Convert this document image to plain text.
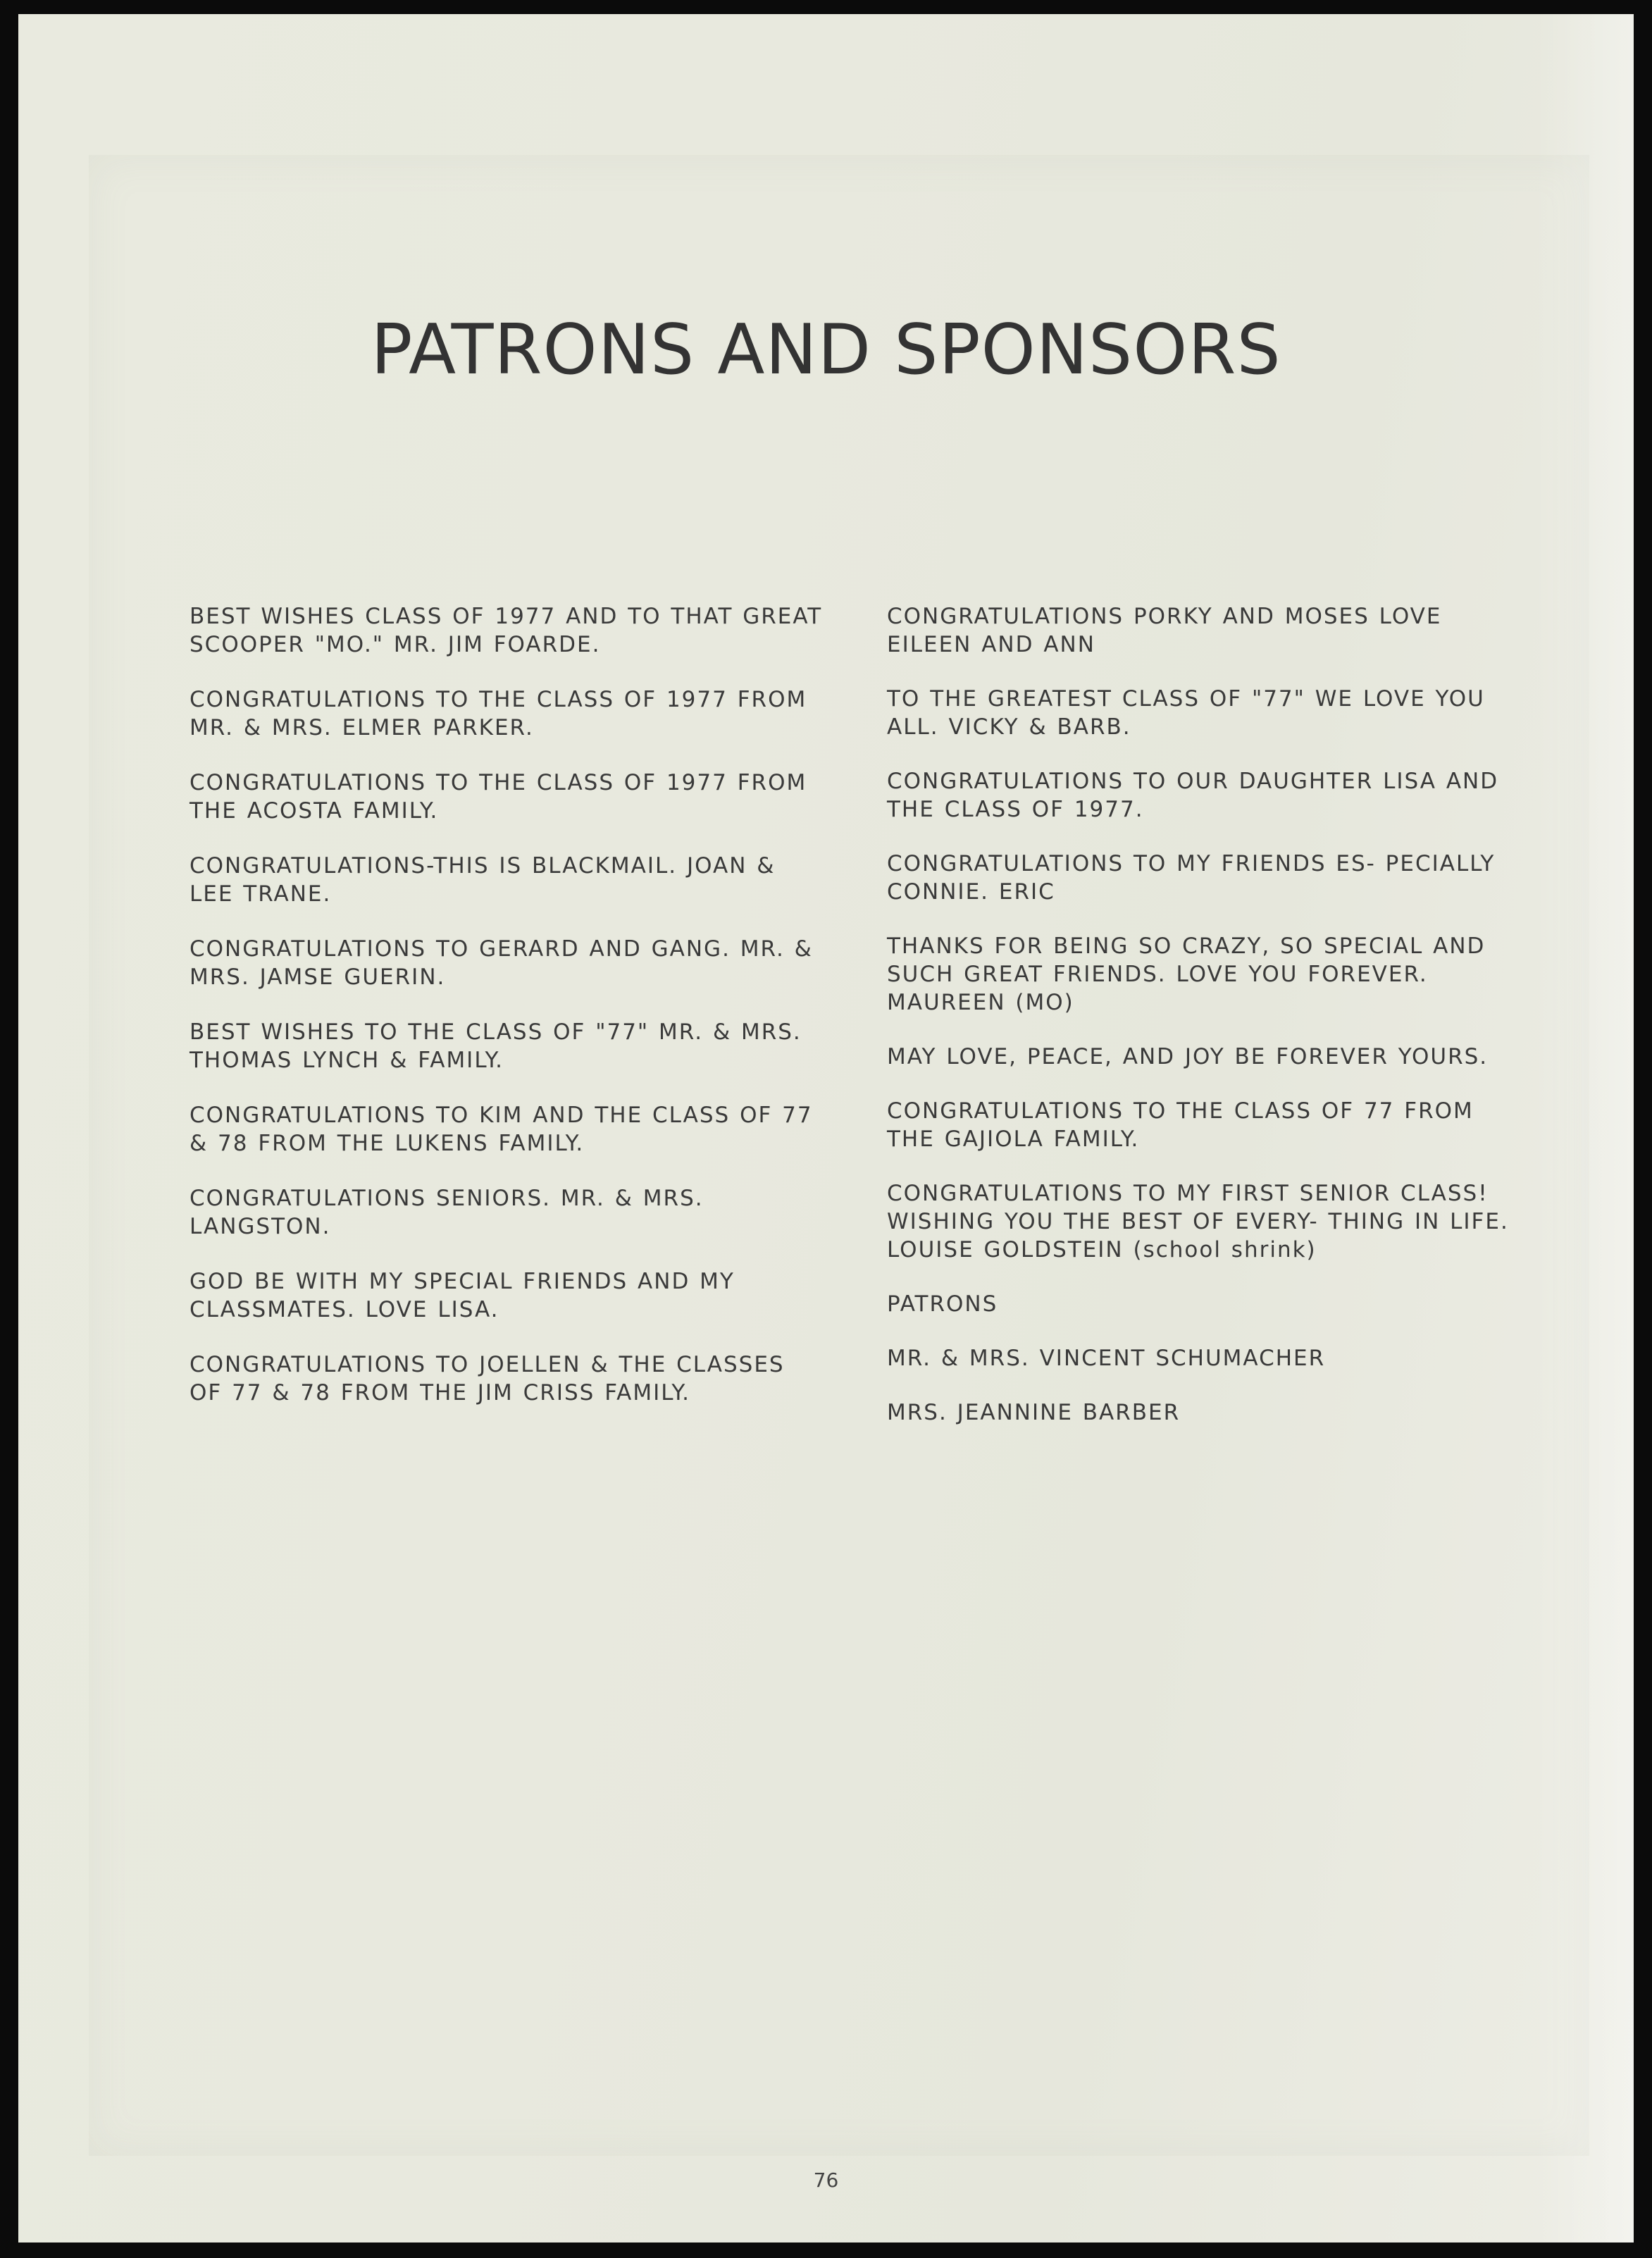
PATRONS AND SPONSORS
BEST WISHES CLASS OF 1977 AND TO THAT GREAT SCOOPER "MO." MR. JIM FOARDE.
CONGRATULATIONS TO THE CLASS OF 1977 FROM MR. & MRS. ELMER PARKER.
CONGRATULATIONS TO THE CLASS OF 1977 FROM THE ACOSTA FAMILY.
CONGRATULATIONS-THIS IS BLACKMAIL. JOAN & LEE TRANE.
CONGRATULATIONS TO GERARD AND GANG. MR. & MRS. JAMSE GUERIN.
BEST WISHES TO THE CLASS OF "77" MR. & MRS. THOMAS LYNCH & FAMILY.
CONGRATULATIONS TO KIM AND THE CLASS OF 77 & 78 FROM THE LUKENS FAMILY.
CONGRATULATIONS SENIORS. MR. & MRS. LANGSTON.
GOD BE WITH MY SPECIAL FRIENDS AND MY CLASSMATES. LOVE LISA.
CONGRATULATIONS TO JOELLEN & THE CLASSES OF 77 & 78 FROM THE JIM CRISS FAMILY.
CONGRATULATIONS PORKY AND MOSES LOVE EILEEN AND ANN
TO THE GREATEST CLASS OF "77" WE LOVE YOU ALL. VICKY & BARB.
CONGRATULATIONS TO OUR DAUGHTER LISA AND THE CLASS OF 1977.
CONGRATULATIONS TO MY FRIENDS ES- PECIALLY CONNIE. ERIC
THANKS FOR BEING SO CRAZY, SO SPECIAL AND SUCH GREAT FRIENDS. LOVE YOU FOREVER. MAUREEN (MO)
MAY LOVE, PEACE, AND JOY BE FOREVER YOURS.
CONGRATULATIONS TO THE CLASS OF 77 FROM THE GAJIOLA FAMILY.
CONGRATULATIONS TO MY FIRST SENIOR CLASS! WISHING YOU THE BEST OF EVERY- THING IN LIFE. LOUISE GOLDSTEIN (school shrink)
PATRONS
MR. & MRS. VINCENT SCHUMACHER
MRS. JEANNINE BARBER
76
